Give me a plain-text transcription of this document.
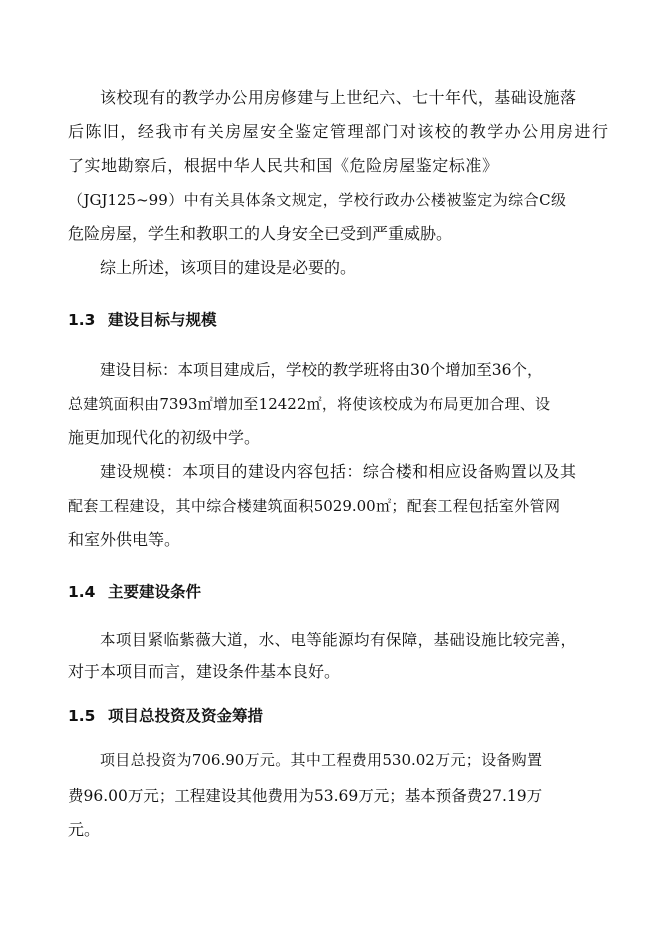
该校现有的教学办公用房修建与上世纪六、七十年代，基础设施落
后陈旧，经我市有关房屋安全鉴定管理部门对该校的教学办公用房进行
了实地勘察后，根据中华人民共和国《危险房屋鉴定标准》
（JGJ125~99）中有关具体条文规定，学校行政办公楼被鉴定为综合C级
危险房屋，学生和教职工的人身安全已受到严重威胁。
综上所述，该项目的建设是必要的。
1.3 建设目标与规模
建设目标：本项目建成后，学校的教学班将由30个增加至36个，
总建筑面积由7393㎡增加至12422㎡，将使该校成为布局更加合理、设
施更加现代化的初级中学。
建设规模：本项目的建设内容包括：综合楼和相应设备购置以及其
配套工程建设，其中综合楼建筑面积5029.00㎡；配套工程包括室外管网
和室外供电等。
1.4 主要建设条件
本项目紧临紫薇大道，水、电等能源均有保障，基础设施比较完善，
对于本项目而言，建设条件基本良好。
1.5 项目总投资及资金筹措
项目总投资为706.90万元。其中工程费用530.02万元；设备购置
费96.00万元；工程建设其他费用为53.69万元；基本预备费27.19万
元。
